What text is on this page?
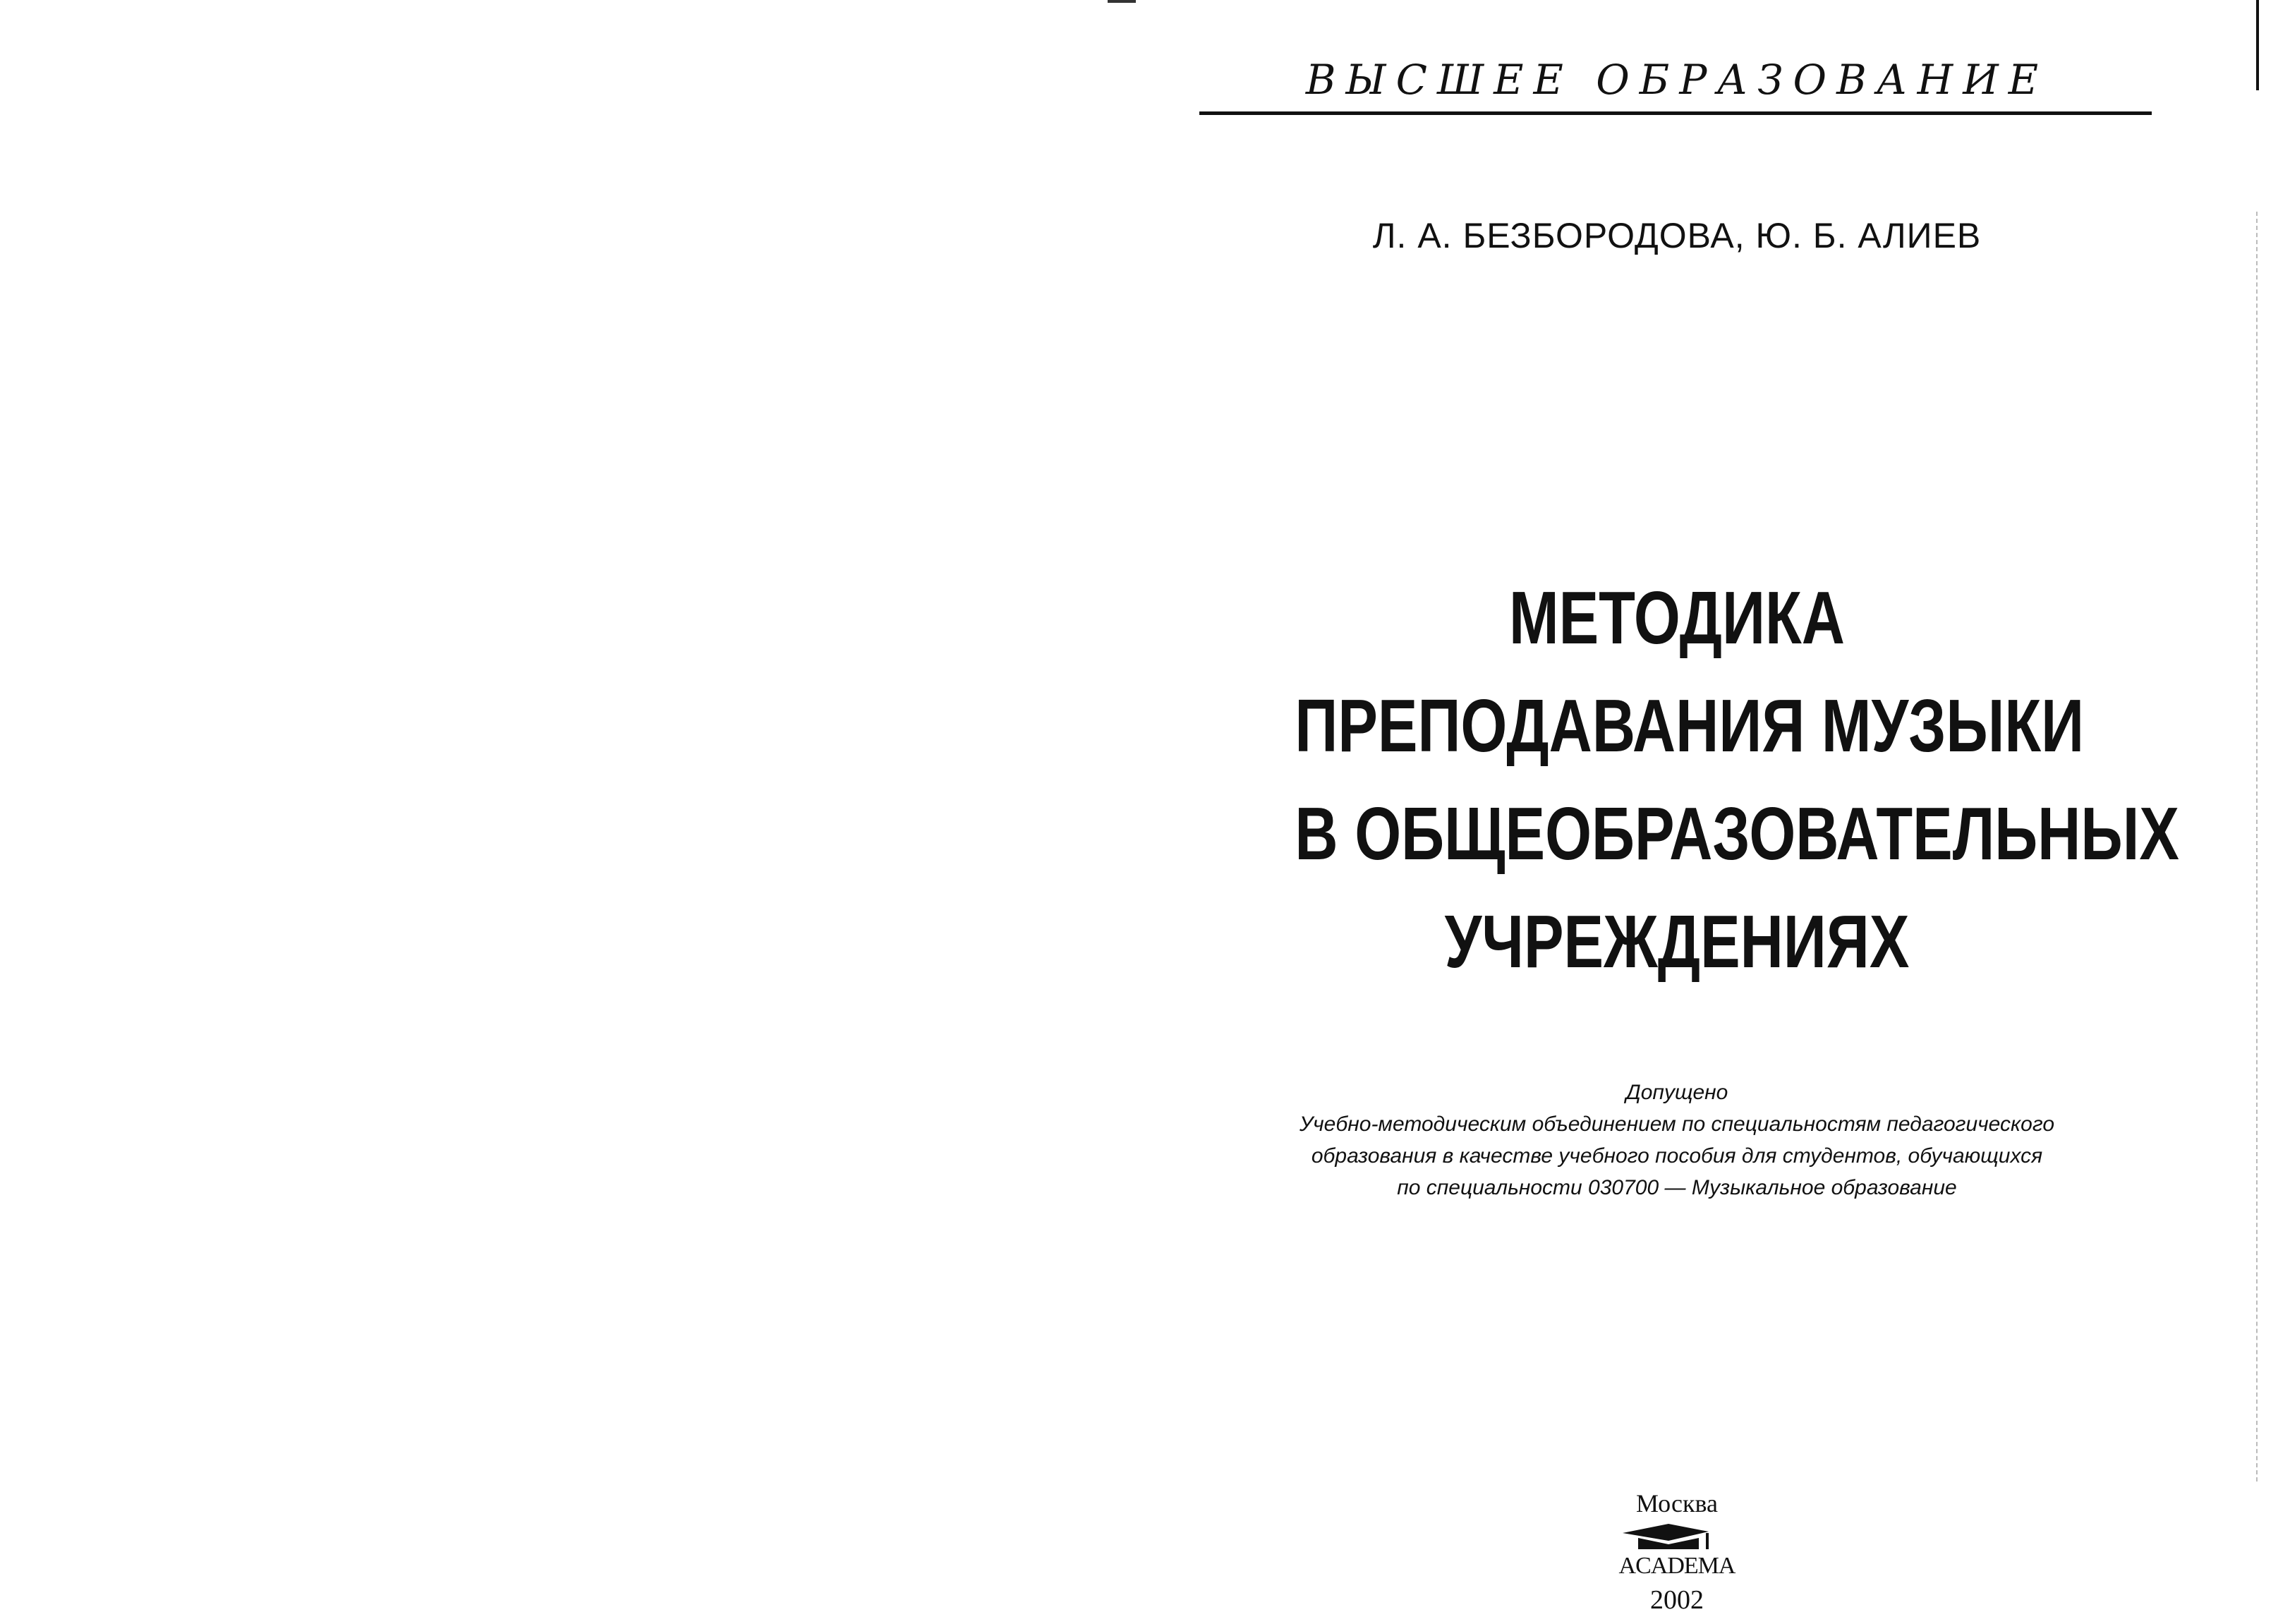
ВЫСШЕЕ ОБРАЗОВАНИЕ
Л. А. БЕЗБОРОДОВА, Ю. Б. АЛИЕВ
МЕТОДИКА
ПРЕПОДАВАНИЯ МУЗЫКИ
В ОБЩЕОБРАЗОВАТЕЛЬНЫХ
УЧРЕЖДЕНИЯХ
Допущено
Учебно-методическим объединением по специальностям педагогического
образования в качестве учебного пособия для студентов, обучающихся
по специальности 030700 — Музыкальное образование
Москва
ACADEMA
2002
